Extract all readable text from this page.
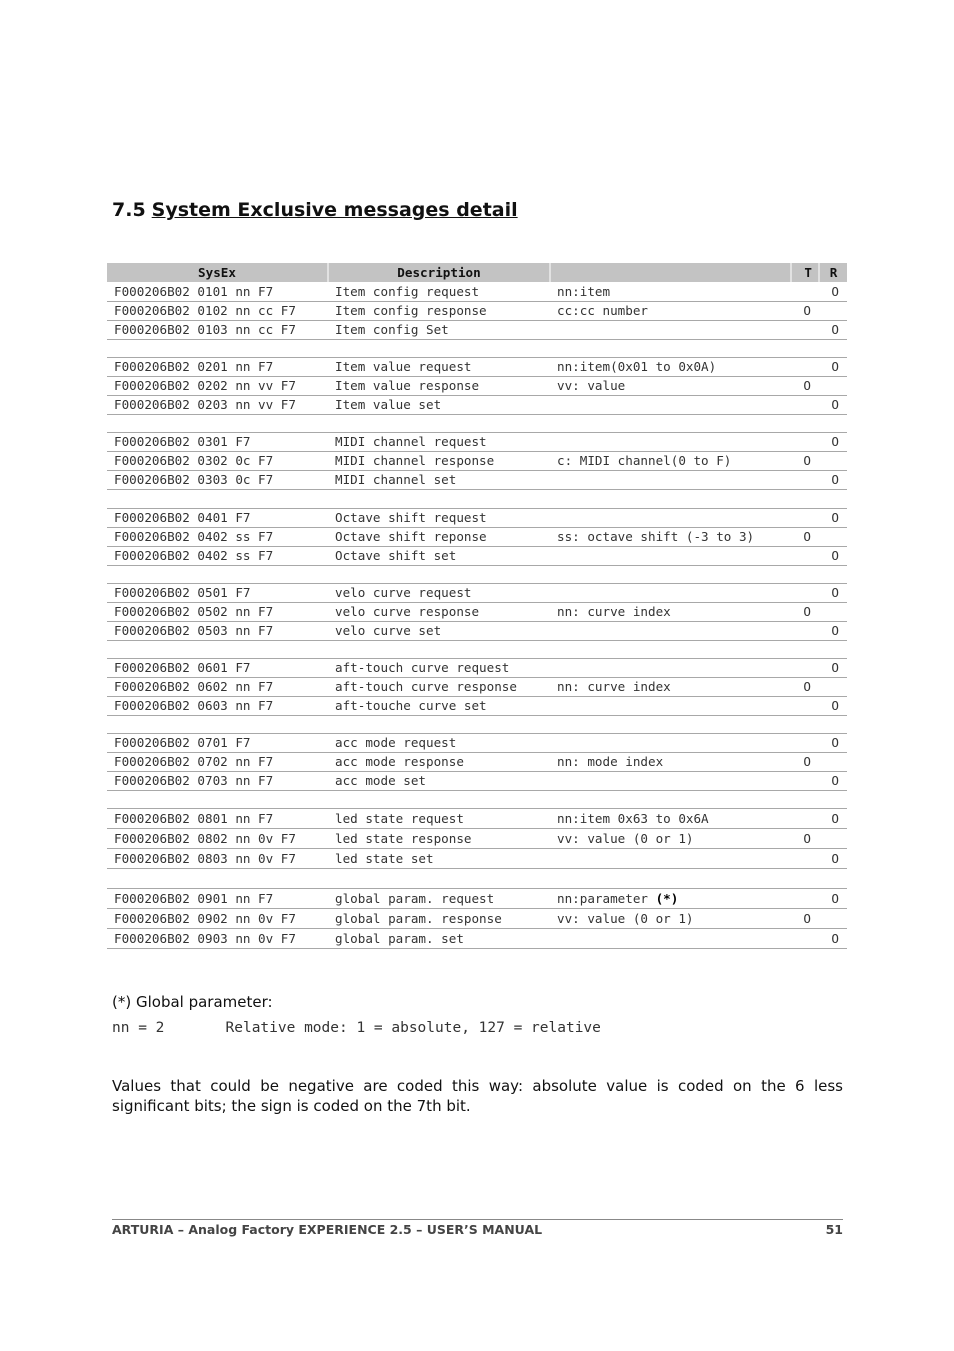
7.5 System Exclusive messages detail
SysEx	Description		T	R
F000206B02 0101 nn F7	Item config request	nn:item		O
F000206B02 0102 nn cc F7	Item config response	cc:cc number	O	
F000206B02 0103 nn cc F7	Item config Set			O

F000206B02 0201 nn F7	Item value request	nn:item(0x01 to 0x0A)		O
F000206B02 0202 nn vv F7	Item value response	vv: value	O	
F000206B02 0203 nn vv F7	Item value set			O

F000206B02 0301 F7	MIDI channel request			O
F000206B02 0302 0c F7	MIDI channel response	c: MIDI channel(0 to F)	O	
F000206B02 0303 0c F7	MIDI channel set			O

F000206B02 0401 F7	Octave shift request			O
F000206B02 0402 ss F7	Octave shift reponse	ss: octave shift (-3 to 3)	O	
F000206B02 0402 ss F7	Octave shift set			O

F000206B02 0501 F7	velo curve request			O
F000206B02 0502 nn F7	velo curve response	nn: curve index	O	
F000206B02 0503 nn F7	velo curve set			O

F000206B02 0601 F7	aft-touch curve request			O
F000206B02 0602 nn F7	aft-touch curve response	nn: curve index	O	
F000206B02 0603 nn F7	aft-touche curve set			O

F000206B02 0701 F7	acc mode request			O
F000206B02 0702 nn F7	acc mode response	nn: mode index	O	
F000206B02 0703 nn F7	acc mode set			O

F000206B02 0801 nn F7	led state request	nn:item 0x63 to 0x6A		O
F000206B02 0802 nn 0v F7	led state response	vv: value (0 or 1)	O	
F000206B02 0803 nn 0v F7	led state set			O

F000206B02 0901 nn F7	global param. request	nn:parameter (*)		O
F000206B02 0902 nn 0v F7	global param. response	vv: value (0 or 1)	O	
F000206B02 0903 nn 0v F7	global param. set			O
(*) Global parameter:
nn = 2	Relative mode: 1 = absolute, 127 = relative
Values that could be negative are coded this way: absolute value is coded on the 6 less significant bits; the sign is coded on the 7th bit.
ARTURIA – Analog Factory EXPERIENCE 2.5 – USER’S MANUAL	51
